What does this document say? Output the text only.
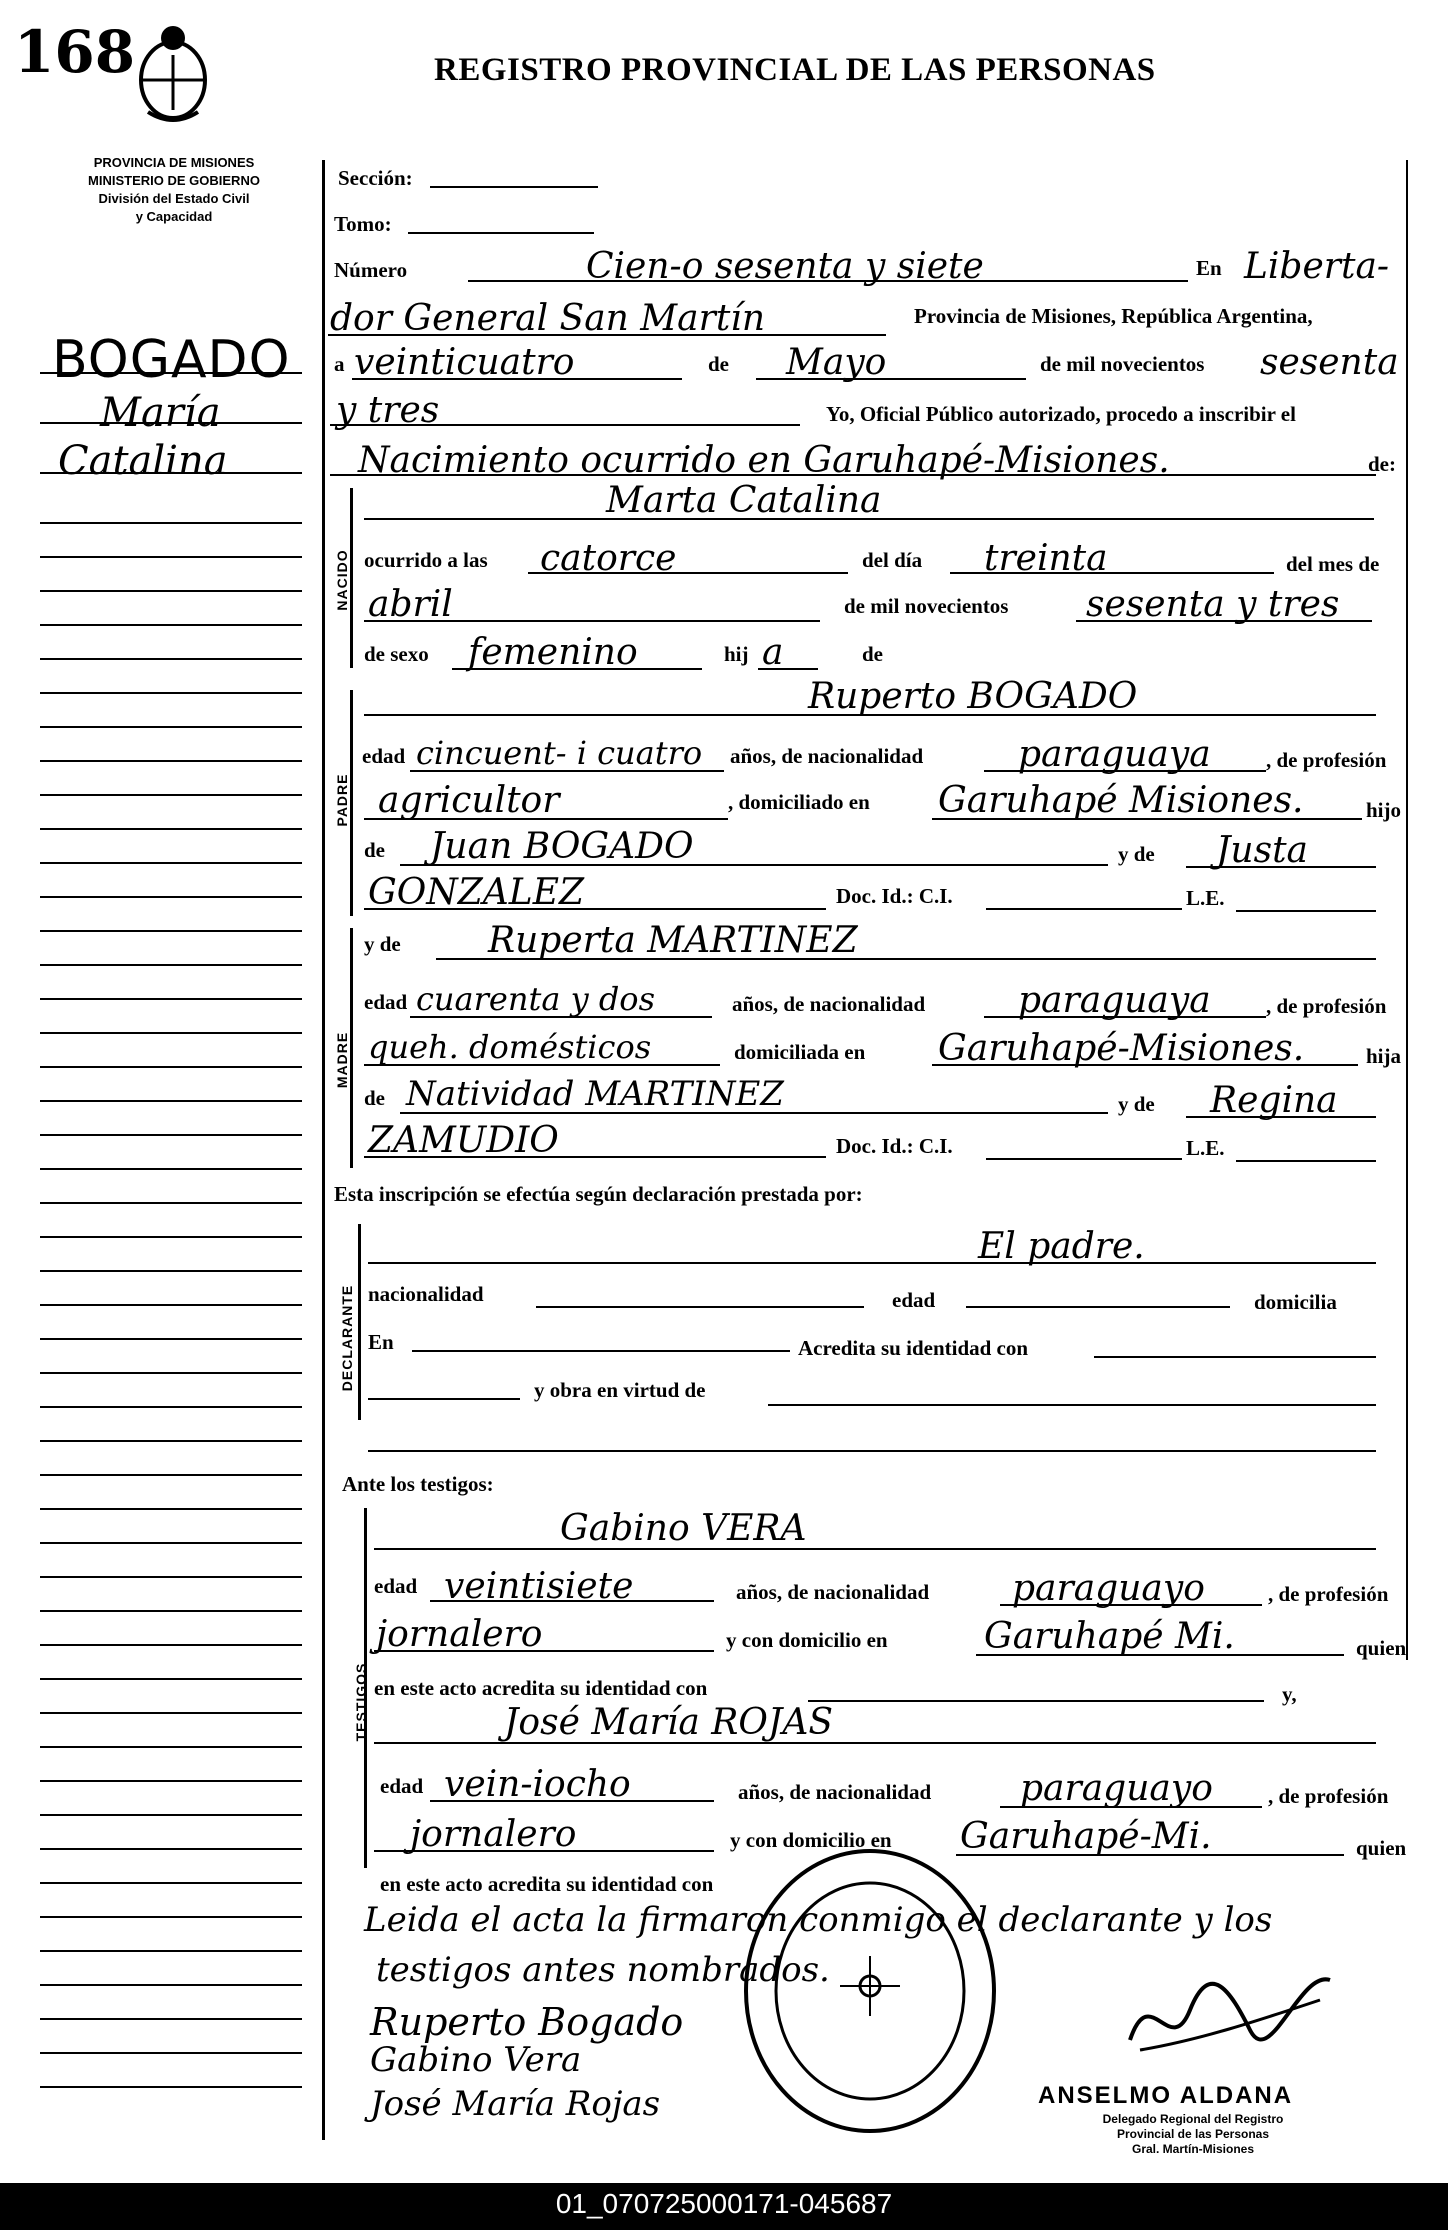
168	REGISTRO PROVINCIAL DE LAS PERSONAS
PROVINCIA DE MISIONES
MINISTERIO DE GOBIERNO
División del Estado Civil
y Capacidad
BOGADO
María
Catalina
Sección:
Tomo:
Número	Cien-o sesenta y siete	En Liberta-
dor General San Martín	Provincia de Misiones, República Argentina,
a veinticuatro	de Mayo	de mil novecientos sesenta
y tres	Yo, Oficial Público autorizado, procedo a inscribir el
Nacimiento ocurrido en Garuhapé-Misiones.	de:
NACIDO
Marta Catalina
ocurrido a las catorce	del día treinta	del mes de
abril	de mil novecientos sesenta y tres
de sexo femenino	hij a	de
PADRE
Ruperto BOGADO
edad cincuent- i cuatro años, de nacionalidad	paraguaya	, de profesión
agricultor	, domiciliado en Garuhapé Misiones.	hijo
de Juan BOGADO	y de Justa
GONZALEZ	Doc. Id.: C.I.	L.E.
MADRE
y de Ruperta MARTINEZ
edad cuarenta y dos	años, de nacionalidad	paraguaya	, de profesión
queh. domésticos	domiciliada en Garuhapé-Misiones.	hija
de Natividad MARTINEZ	y de Regina
ZAMUDIO	Doc. Id.: C.I.	L.E.
Esta inscripción se efectúa según declaración prestada por:
DECLARANTE
El padre.
nacionalidad	edad	domicilia
En	Acredita su identidad con
y obra en virtud de
Ante los testigos:
TESTIGOS
Gabino VERA
edad veintisiete	años, de nacionalidad paraguayo	, de profesión
jornalero	y con domicilio en	Garuhapé Mi.	quien
en este acto acredita su identidad con	y,
José María ROJAS
edad vein-iocho	años, de nacionalidad paraguayo	, de profesión
jornalero	y con domicilio en Garuhapé-Mi.	quien
en este acto acredita su identidad con
Leida el acta la firmaron conmigo el declarante y los
testigos antes nombrados.
Ruperto Bogado
Gabino Vera
José María Rojas	ANSELMO ALDANA
Delegado Regional del Registro
Provincial de las Personas
Gral. Martín-Misiones
01_070725000171-045687
